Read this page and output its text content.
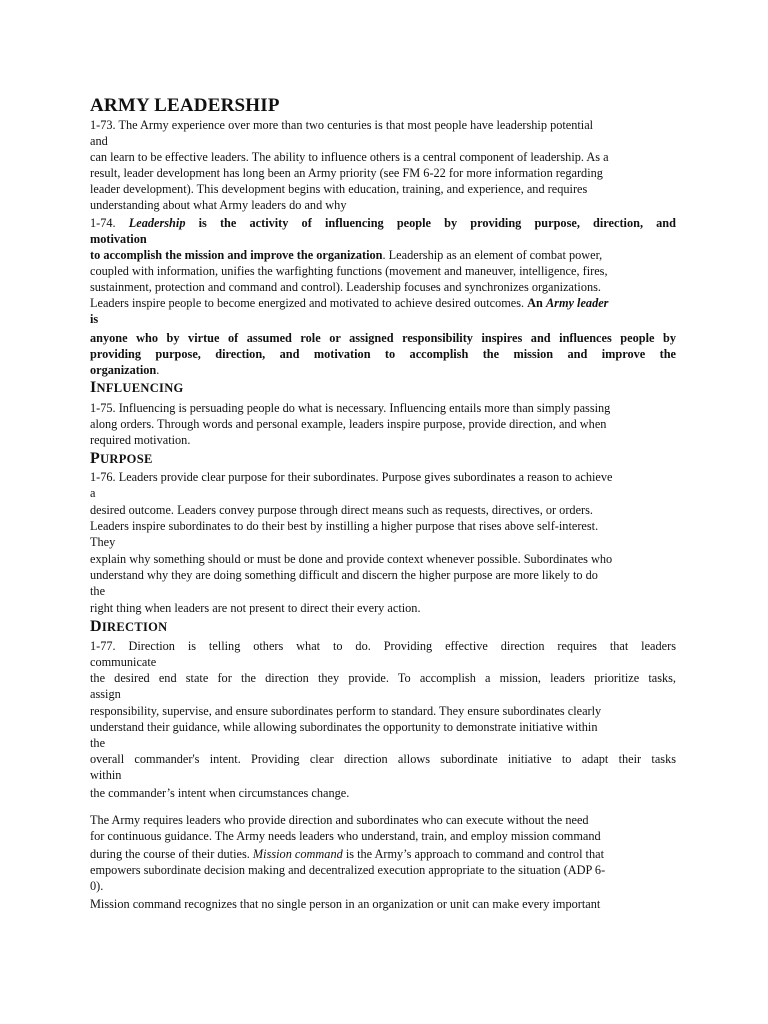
ARMY LEADERSHIP
1-73. The Army experience over more than two centuries is that most people have leadership potential
and
can learn to be effective leaders. The ability to influence others is a central component of leadership. As a
result, leader development has long been an Army priority (see FM 6-22 for more information regarding
leader development). This development begins with education, training, and experience, and requires
understanding about what Army leaders do and why
1-74. Leadership is the activity of influencing people by providing purpose, direction, and
motivation
to accomplish the mission and improve the organization. Leadership as an element of combat power,
coupled with information, unifies the warfighting functions (movement and maneuver, intelligence, fires,
sustainment, protection and command and control). Leadership focuses and synchronizes organizations.
Leaders inspire people to become energized and motivated to achieve desired outcomes. An Army leader
is
anyone who by virtue of assumed role or assigned responsibility inspires and influences people by
providing purpose, direction, and motivation to accomplish the mission and improve the
organization.
INFLUENCING
1-75. Influencing is persuading people do what is necessary. Influencing entails more than simply passing
along orders. Through words and personal example, leaders inspire purpose, provide direction, and when
required motivation.
PURPOSE
1-76. Leaders provide clear purpose for their subordinates. Purpose gives subordinates a reason to achieve
a
desired outcome. Leaders convey purpose through direct means such as requests, directives, or orders.
Leaders inspire subordinates to do their best by instilling a higher purpose that rises above self-interest.
They
explain why something should or must be done and provide context whenever possible. Subordinates who
understand why they are doing something difficult and discern the higher purpose are more likely to do
the
right thing when leaders are not present to direct their every action.
DIRECTION
1-77. Direction is telling others what to do. Providing effective direction requires that leaders
communicate
the desired end state for the direction they provide. To accomplish a mission, leaders prioritize tasks,
assign
responsibility, supervise, and ensure subordinates perform to standard. They ensure subordinates clearly
understand their guidance, while allowing subordinates the opportunity to demonstrate initiative within
the
overall commander's intent. Providing clear direction allows subordinate initiative to adapt their tasks
within
the commander’s intent when circumstances change.
The Army requires leaders who provide direction and subordinates who can execute without the need
for continuous guidance. The Army needs leaders who understand, train, and employ mission command
during the course of their duties. Mission command is the Army’s approach to command and control that
empowers subordinate decision making and decentralized execution appropriate to the situation (ADP 6-
0).
Mission command recognizes that no single person in an organization or unit can make every important
